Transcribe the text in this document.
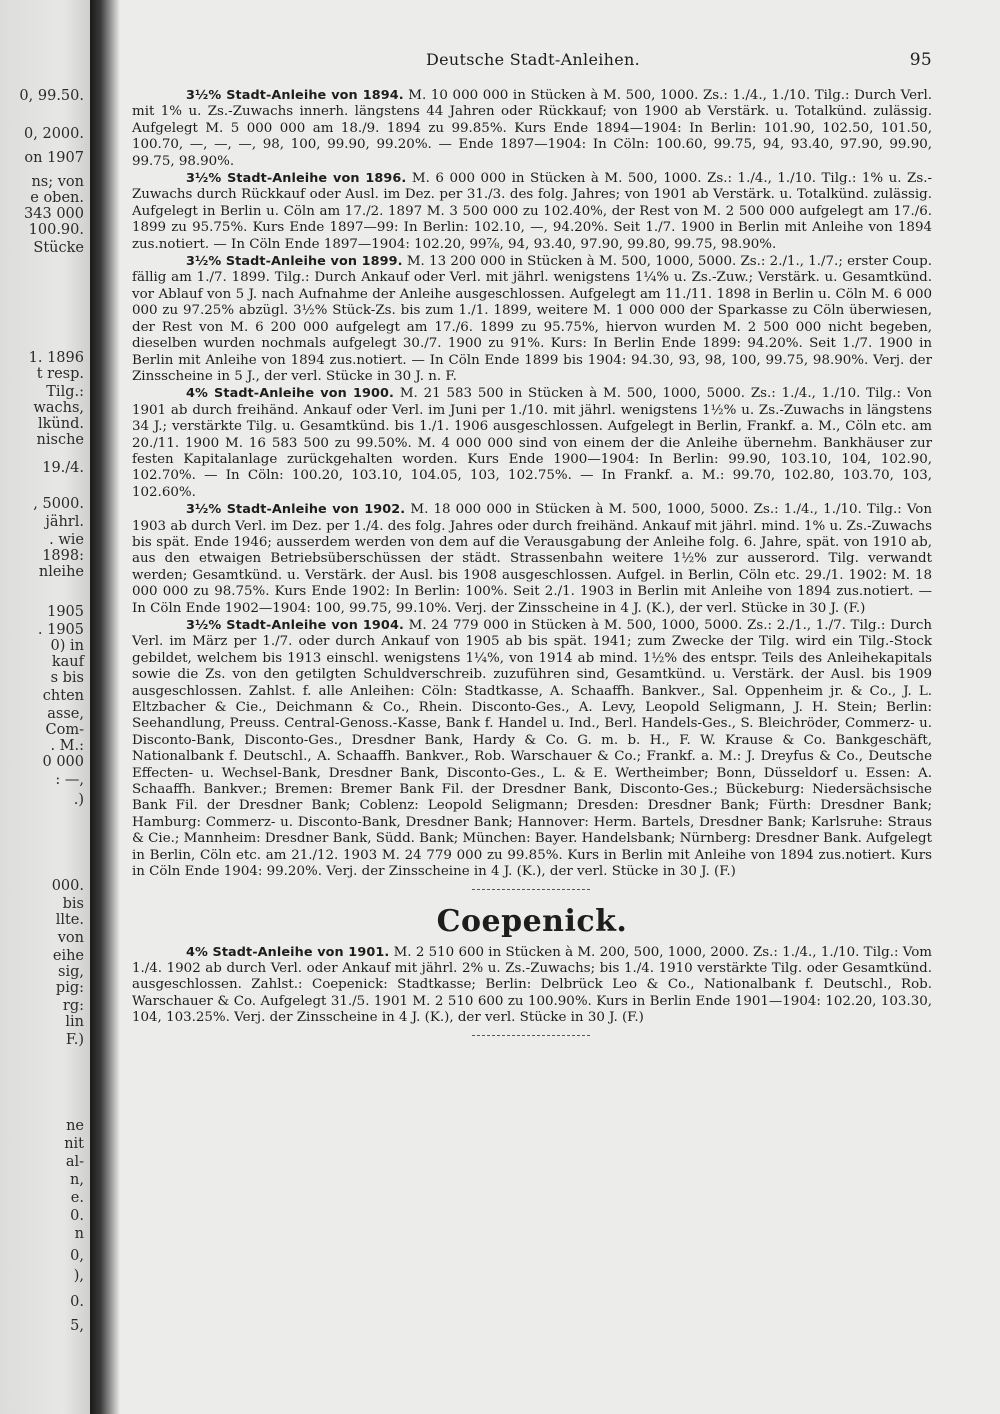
0, 99.50.
0, 2000.
on 1907
ns; von
e oben.
343 000
100.90.
Stücke
1. 1896
t resp.
Tilg.:
wachs,
lkünd.
nische
19./4.
, 5000.
jährl.
. wie
1898:
nleihe
1905
. 1905
0) in
kauf
s bis
chten
asse,
Com-
. M.:
0 000
: —,
.)
000.
bis
llte.
von
eihe
sig,
pig:
rg:
lin
F.)
ne
nit
al-
n,
e.
0.
n
0,
),
0.
5,
Deutsche Stadt-Anleihen.	95

3½% Stadt-Anleihe von 1894. M. 10 000 000 in Stücken à M. 500, 1000. Zs.: 1./4., 1./10. Tilg.: Durch Verl. mit 1% u. Zs.-Zuwachs innerh. längstens 44 Jahren oder Rückkauf; von 1900 ab Verstärk. u. Totalkünd. zulässig. Aufgelegt M. 5 000 000 am 18./9. 1894 zu 99.85%. Kurs Ende 1894—1904: In Berlin: 101.90, 102.50, 101.50, 100.70, —, —, —, 98, 100, 99.90, 99.20%. — Ende 1897—1904: In Cöln: 100.60, 99.75, 94, 93.40, 97.90, 99.90, 99.75, 98.90%.

3½% Stadt-Anleihe von 1896. M. 6 000 000 in Stücken à M. 500, 1000. Zs.: 1./4., 1./10. Tilg.: 1% u. Zs.-Zuwachs durch Rückkauf oder Ausl. im Dez. per 31./3. des folg. Jahres; von 1901 ab Verstärk. u. Totalkünd. zulässig. Aufgelegt in Berlin u. Cöln am 17./2. 1897 M. 3 500 000 zu 102.40%, der Rest von M. 2 500 000 aufgelegt am 17./6. 1899 zu 95.75%. Kurs Ende 1897—99: In Berlin: 102.10, —, 94.20%. Seit 1./7. 1900 in Berlin mit Anleihe von 1894 zus.notiert. — In Cöln Ende 1897—1904: 102.20, 99⅞, 94, 93.40, 97.90, 99.80, 99.75, 98.90%.

3½% Stadt-Anleihe von 1899. M. 13 200 000 in Stücken à M. 500, 1000, 5000. Zs.: 2./1., 1./7.; erster Coup. fällig am 1./7. 1899. Tilg.: Durch Ankauf oder Verl. mit jährl. wenigstens 1¼% u. Zs.-Zuw.; Verstärk. u. Gesamtkünd. vor Ablauf von 5 J. nach Aufnahme der Anleihe ausgeschlossen. Aufgelegt am 11./11. 1898 in Berlin u. Cöln M. 6 000 000 zu 97.25% abzügl. 3½% Stück-Zs. bis zum 1./1. 1899, weitere M. 1 000 000 der Sparkasse zu Cöln überwiesen, der Rest von M. 6 200 000 aufgelegt am 17./6. 1899 zu 95.75%, hiervon wurden M. 2 500 000 nicht begeben, dieselben wurden nochmals aufgelegt 30./7. 1900 zu 91%. Kurs: In Berlin Ende 1899: 94.20%. Seit 1./7. 1900 in Berlin mit Anleihe von 1894 zus.notiert. — In Cöln Ende 1899 bis 1904: 94.30, 93, 98, 100, 99.75, 98.90%. Verj. der Zinsscheine in 5 J., der verl. Stücke in 30 J. n. F.

4% Stadt-Anleihe von 1900. M. 21 583 500 in Stücken à M. 500, 1000, 5000. Zs.: 1./4., 1./10. Tilg.: Von 1901 ab durch freihänd. Ankauf oder Verl. im Juni per 1./10. mit jährl. wenigstens 1½% u. Zs.-Zuwachs in längstens 34 J.; verstärkte Tilg. u. Gesamtkünd. bis 1./1. 1906 ausgeschlossen. Aufgelegt in Berlin, Frankf. a. M., Cöln etc. am 20./11. 1900 M. 16 583 500 zu 99.50%. M. 4 000 000 sind von einem der die Anleihe übernehm. Bankhäuser zur festen Kapitalanlage zurückgehalten worden. Kurs Ende 1900—1904: In Berlin: 99.90, 103.10, 104, 102.90, 102.70%. — In Cöln: 100.20, 103.10, 104.05, 103, 102.75%. — In Frankf. a. M.: 99.70, 102.80, 103.70, 103, 102.60%.

3½% Stadt-Anleihe von 1902. M. 18 000 000 in Stücken à M. 500, 1000, 5000. Zs.: 1./4., 1./10. Tilg.: Von 1903 ab durch Verl. im Dez. per 1./4. des folg. Jahres oder durch freihänd. Ankauf mit jährl. mind. 1% u. Zs.-Zuwachs bis spät. Ende 1946; ausserdem werden von dem auf die Verausgabung der Anleihe folg. 6. Jahre, spät. von 1910 ab, aus den etwaigen Betriebsüberschüssen der städt. Strassenbahn weitere 1½% zur ausserord. Tilg. verwandt werden; Gesamtkünd. u. Verstärk. der Ausl. bis 1908 ausgeschlossen. Aufgel. in Berlin, Cöln etc. 29./1. 1902: M. 18 000 000 zu 98.75%. Kurs Ende 1902: In Berlin: 100%. Seit 2./1. 1903 in Berlin mit Anleihe von 1894 zus.notiert. — In Cöln Ende 1902—1904: 100, 99.75, 99.10%. Verj. der Zinsscheine in 4 J. (K.), der verl. Stücke in 30 J. (F.)

3½% Stadt-Anleihe von 1904. M. 24 779 000 in Stücken à M. 500, 1000, 5000. Zs.: 2./1., 1./7. Tilg.: Durch Verl. im März per 1./7. oder durch Ankauf von 1905 ab bis spät. 1941; zum Zwecke der Tilg. wird ein Tilg.-Stock gebildet, welchem bis 1913 einschl. wenigstens 1¼%, von 1914 ab mind. 1½% des entspr. Teils des Anleihekapitals sowie die Zs. von den getilgten Schuldverschreib. zuzuführen sind, Gesamtkünd. u. Verstärk. der Ausl. bis 1909 ausgeschlossen. Zahlst. f. alle Anleihen: Cöln: Stadtkasse, A. Schaaffh. Bankver., Sal. Oppenheim jr. & Co., J. L. Eltzbacher & Cie., Deichmann & Co., Rhein. Disconto-Ges., A. Levy, Leopold Seligmann, J. H. Stein; Berlin: Seehandlung, Preuss. Central-Genoss.-Kasse, Bank f. Handel u. Ind., Berl. Handels-Ges., S. Bleichröder, Commerz- u. Disconto-Bank, Disconto-Ges., Dresdner Bank, Hardy & Co. G. m. b. H., F. W. Krause & Co. Bankgeschäft, Nationalbank f. Deutschl., A. Schaaffh. Bankver., Rob. Warschauer & Co.; Frankf. a. M.: J. Dreyfus & Co., Deutsche Effecten- u. Wechsel-Bank, Dresdner Bank, Disconto-Ges., L. & E. Wertheimber; Bonn, Düsseldorf u. Essen: A. Schaaffh. Bankver.; Bremen: Bremer Bank Fil. der Dresdner Bank, Disconto-Ges.; Bückeburg: Niedersächsische Bank Fil. der Dresdner Bank; Coblenz: Leopold Seligmann; Dresden: Dresdner Bank; Fürth: Dresdner Bank; Hamburg: Commerz- u. Disconto-Bank, Dresdner Bank; Hannover: Herm. Bartels, Dresdner Bank; Karlsruhe: Straus & Cie.; Mannheim: Dresdner Bank, Südd. Bank; München: Bayer. Handelsbank; Nürnberg: Dresdner Bank. Aufgelegt in Berlin, Cöln etc. am 21./12. 1903 M. 24 779 000 zu 99.85%. Kurs in Berlin mit Anleihe von 1894 zus.notiert. Kurs in Cöln Ende 1904: 99.20%. Verj. der Zinsscheine in 4 J. (K.), der verl. Stücke in 30 J. (F.)

Coepenick.

4% Stadt-Anleihe von 1901. M. 2 510 600 in Stücken à M. 200, 500, 1000, 2000. Zs.: 1./4., 1./10. Tilg.: Vom 1./4. 1902 ab durch Verl. oder Ankauf mit jährl. 2% u. Zs.-Zuwachs; bis 1./4. 1910 verstärkte Tilg. oder Gesamtkünd. ausgeschlossen. Zahlst.: Coepenick: Stadtkasse; Berlin: Delbrück Leo & Co., Nationalbank f. Deutschl., Rob. Warschauer & Co. Aufgelegt 31./5. 1901 M. 2 510 600 zu 100.90%. Kurs in Berlin Ende 1901—1904: 102.20, 103.30, 104, 103.25%. Verj. der Zinsscheine in 4 J. (K.), der verl. Stücke in 30 J. (F.)
